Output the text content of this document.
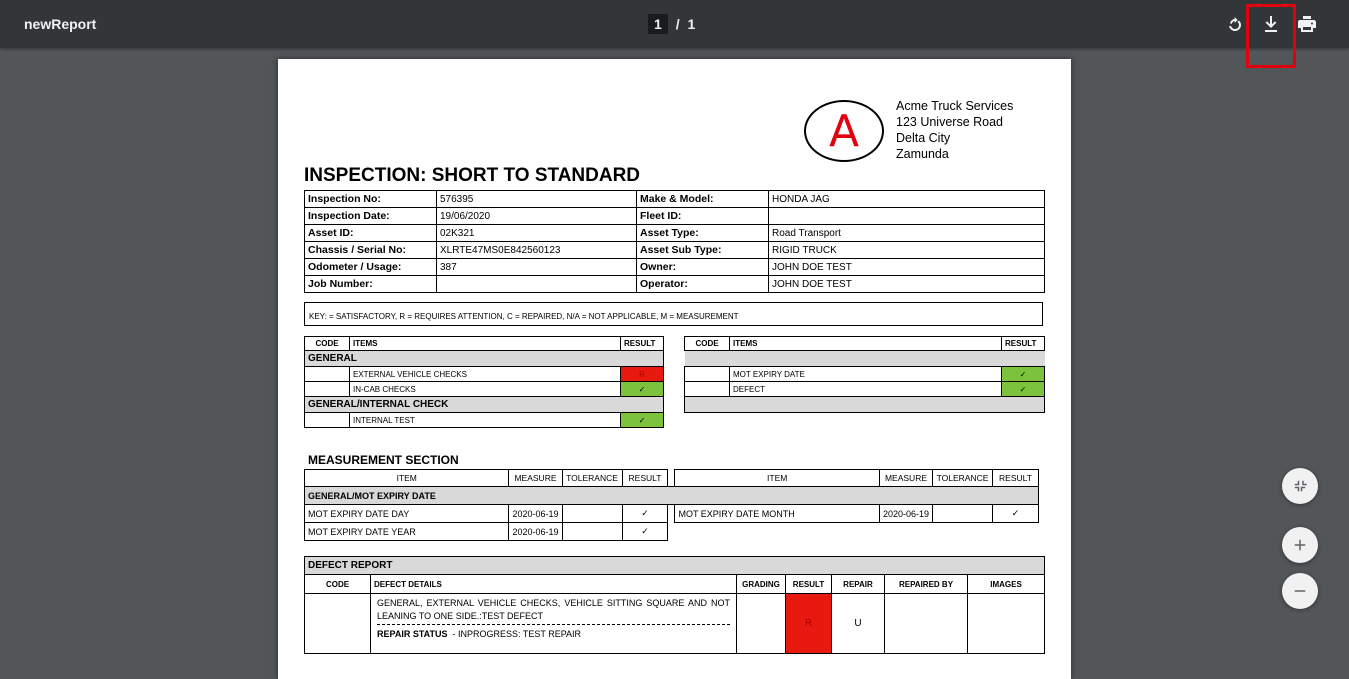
newReport	1 / 1
A	Acme Truck Services
123 Universe Road
Delta City
Zamunda
INSPECTION: SHORT TO STANDARD
Inspection No:	576395	Make & Model:	HONDA JAG
Inspection Date:	19/06/2020	Fleet ID:	
Asset ID:	02K321	Asset Type:	Road Transport
Chassis / Serial No:	XLRTE47MS0E842560123	Asset Sub Type:	RIGID TRUCK
Odometer / Usage:	387	Owner:	JOHN DOE TEST
Job Number:		Operator:	JOHN DOE TEST
KEY: = SATISFACTORY, R = REQUIRES ATTENTION, C = REPAIRED, N/A = NOT APPLICABLE, M = MEASUREMENT
CODE	ITEMS	RESULT
GENERAL		
	EXTERNAL VEHICLE CHECKS	R
	IN-CAB CHECKS	✓
GENERAL/INTERNAL CHECK		
	INTERNAL TEST	✓
CODE	ITEMS	RESULT

	MOT EXPIRY DATE	✓
	DEFECT	✓

MEASUREMENT SECTION
ITEM	MEASURE	TOLERANCE	RESULT		ITEM	MEASURE	TOLERANCE	RESULT
GENERAL/MOT EXPIRY DATE								
MOT EXPIRY DATE DAY	2020-06-19		✓		MOT EXPIRY DATE MONTH	2020-06-19		✓
MOT EXPIRY DATE YEAR	2020-06-19		✓					
DEFECT REPORT						
CODE	DEFECT DETAILS	GRADING	RESULT	REPAIR	REPAIRED BY	IMAGES

	GENERAL, EXTERNAL VEHICLE CHECKS, VEHICLE SITTING SQUARE AND NOT LEANING TO ONE SIDE.:TEST DEFECT
REPAIR STATUS - INPROGRESS: TEST REPAIR		R	U		
